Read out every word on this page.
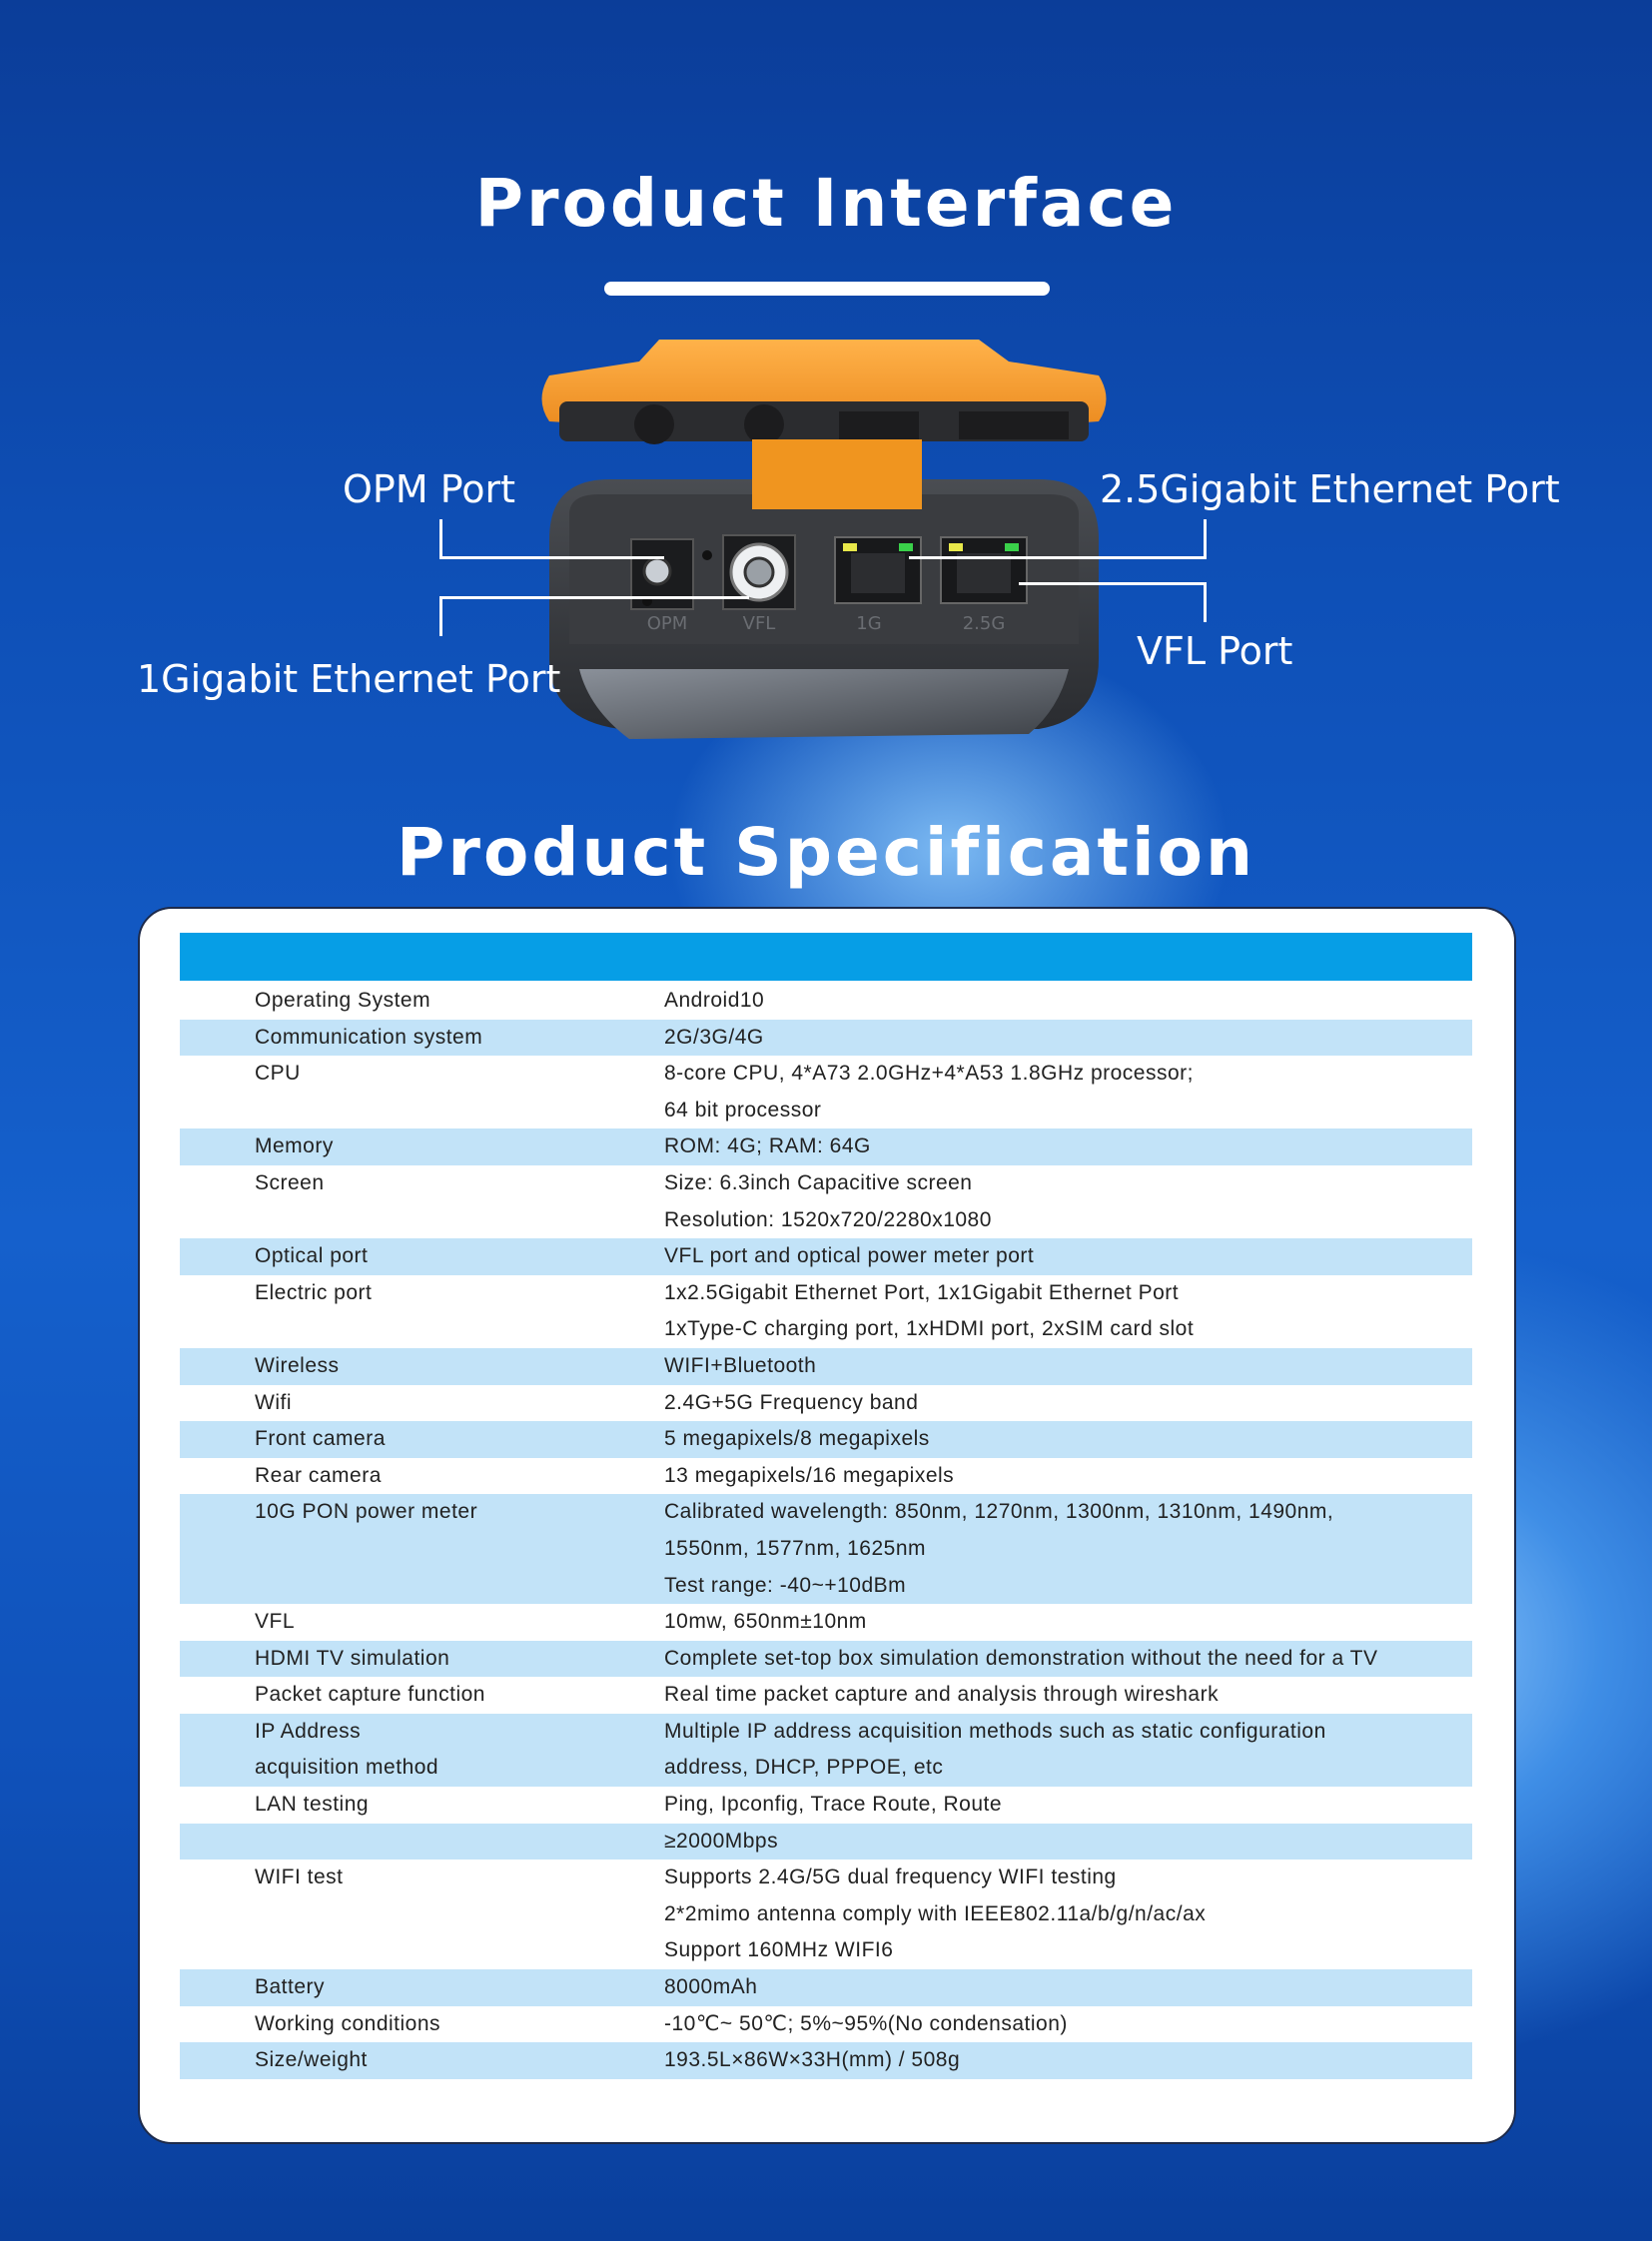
Product Interface
OPM	VFL	1G	2.5G
OPM Port
1Gigabit Ethernet Port
2.5Gigabit Ethernet Port
VFL Port
Product Specification
Operating System	Android10

Communication system	2G/3G/4G

CPU	8-core CPU, 4*A73 2.0GHz+4*A53 1.8GHz processor;
64 bit processor

Memory	ROM: 4G; RAM: 64G

Screen	Size: 6.3inch Capacitive screen
Resolution: 1520x720/2280x1080

Optical port	VFL port and optical power meter port

Electric port	1x2.5Gigabit Ethernet Port, 1x1Gigabit Ethernet Port
1xType-C charging port, 1xHDMI port, 2xSIM card slot

Wireless	WIFI+Bluetooth

Wifi	2.4G+5G Frequency band

Front camera	5 megapixels/8 megapixels

Rear camera	13 megapixels/16 megapixels

10G PON power meter	Calibrated wavelength: 850nm, 1270nm, 1300nm, 1310nm, 1490nm,
1550nm, 1577nm, 1625nm
Test range: -40~+10dBm

VFL	10mw, 650nm±10nm

HDMI TV simulation	Complete set-top box simulation demonstration without the need for a TV

Packet capture function	Real time packet capture and analysis through wireshark

IP Address
acquisition method	Multiple IP address acquisition methods such as static configuration
address, DHCP, PPPOE, etc

LAN testing	Ping, Ipconfig, Trace Route, Route

	≥2000Mbps

WIFI test	Supports 2.4G/5G dual frequency WIFI testing
2*2mimo antenna comply with IEEE802.11a/b/g/n/ac/ax
Support 160MHz WIFI6

Battery	8000mAh

Working conditions	-10℃~ 50℃; 5%~95%(No condensation)

Size/weight	193.5L×86W×33H(mm) / 508g
